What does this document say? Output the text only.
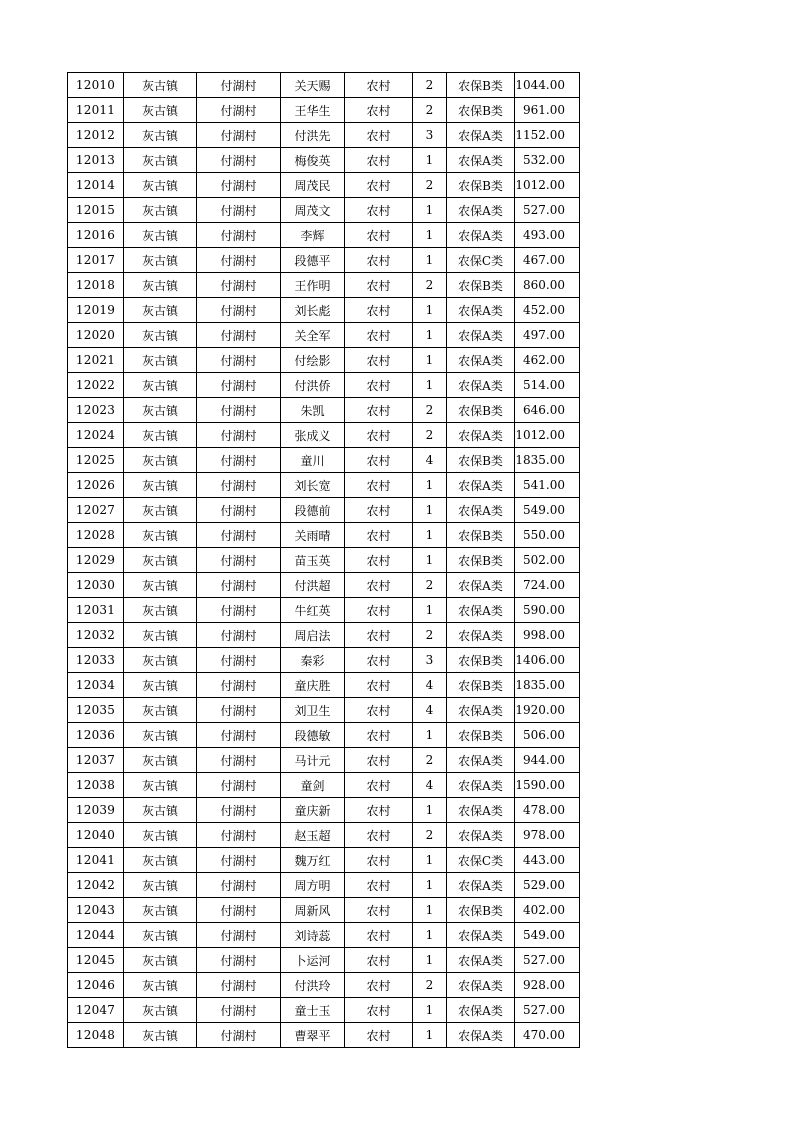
12010	灰古镇	付湖村	关天赐	农村	2	农保B类	1044.00
12011	灰古镇	付湖村	王华生	农村	2	农保B类	961.00
12012	灰古镇	付湖村	付洪先	农村	3	农保A类	1152.00
12013	灰古镇	付湖村	梅俊英	农村	1	农保A类	532.00
12014	灰古镇	付湖村	周茂民	农村	2	农保B类	1012.00
12015	灰古镇	付湖村	周茂文	农村	1	农保A类	527.00
12016	灰古镇	付湖村	李辉	农村	1	农保A类	493.00
12017	灰古镇	付湖村	段德平	农村	1	农保C类	467.00
12018	灰古镇	付湖村	王作明	农村	2	农保B类	860.00
12019	灰古镇	付湖村	刘长彪	农村	1	农保A类	452.00
12020	灰古镇	付湖村	关全军	农村	1	农保A类	497.00
12021	灰古镇	付湖村	付绘影	农村	1	农保A类	462.00
12022	灰古镇	付湖村	付洪侨	农村	1	农保A类	514.00
12023	灰古镇	付湖村	朱凯	农村	2	农保B类	646.00
12024	灰古镇	付湖村	张成义	农村	2	农保A类	1012.00
12025	灰古镇	付湖村	童川	农村	4	农保B类	1835.00
12026	灰古镇	付湖村	刘长宽	农村	1	农保A类	541.00
12027	灰古镇	付湖村	段德前	农村	1	农保A类	549.00
12028	灰古镇	付湖村	关雨晴	农村	1	农保B类	550.00
12029	灰古镇	付湖村	苗玉英	农村	1	农保B类	502.00
12030	灰古镇	付湖村	付洪超	农村	2	农保A类	724.00
12031	灰古镇	付湖村	牛红英	农村	1	农保A类	590.00
12032	灰古镇	付湖村	周启法	农村	2	农保A类	998.00
12033	灰古镇	付湖村	秦彩	农村	3	农保B类	1406.00
12034	灰古镇	付湖村	童庆胜	农村	4	农保B类	1835.00
12035	灰古镇	付湖村	刘卫生	农村	4	农保A类	1920.00
12036	灰古镇	付湖村	段德敏	农村	1	农保B类	506.00
12037	灰古镇	付湖村	马计元	农村	2	农保A类	944.00
12038	灰古镇	付湖村	童剑	农村	4	农保A类	1590.00
12039	灰古镇	付湖村	童庆新	农村	1	农保A类	478.00
12040	灰古镇	付湖村	赵玉超	农村	2	农保A类	978.00
12041	灰古镇	付湖村	魏万红	农村	1	农保C类	443.00
12042	灰古镇	付湖村	周方明	农村	1	农保A类	529.00
12043	灰古镇	付湖村	周新风	农村	1	农保B类	402.00
12044	灰古镇	付湖村	刘诗蕊	农村	1	农保A类	549.00
12045	灰古镇	付湖村	卜运河	农村	1	农保A类	527.00
12046	灰古镇	付湖村	付洪玲	农村	2	农保A类	928.00
12047	灰古镇	付湖村	童士玉	农村	1	农保A类	527.00
12048	灰古镇	付湖村	曹翠平	农村	1	农保A类	470.00
